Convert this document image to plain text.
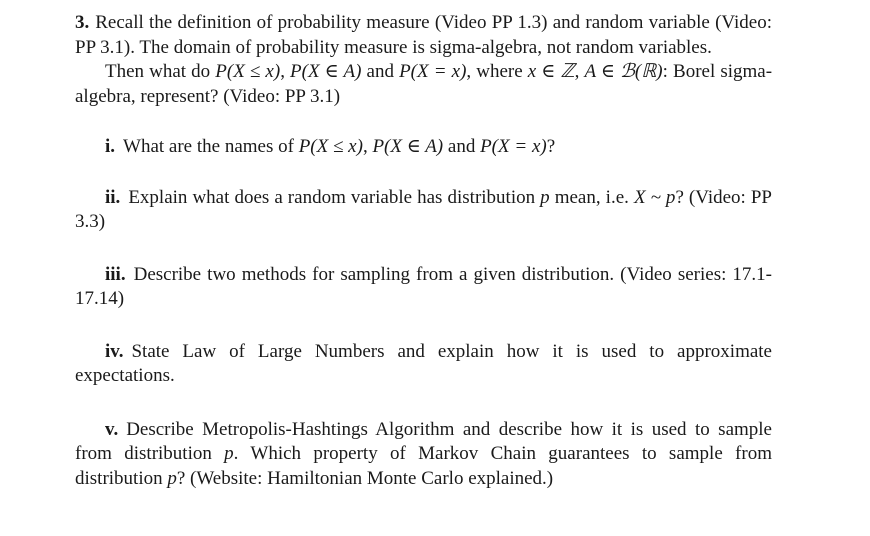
3. Recall the definition of probability measure (Video PP 1.3) and random variable (Video: PP 3.1). The domain of probability measure is sigma-algebra, not random variables.

Then what do P(X ≤ x), P(X ∈ A) and P(X = x), where x ∈ ℤ, A ∈ ℬ(ℝ): Borel sigma- algebra, represent? (Video: PP 3.1)

i. What are the names of P(X ≤ x), P(X ∈ A) and P(X = x)?

ii. Explain what does a random variable has distribution p mean, i.e. X ~ p? (Video: PP 3.3)

iii. Describe two methods for sampling from a given distribution. (Video series: 17.1- 17.14)

iv. State Law of Large Numbers and explain how it is used to approximate expectations.

v. Describe Metropolis-Hashtings Algorithm and describe how it is used to sample from distribution p. Which property of Markov Chain guarantees to sample from distribution p? (Website: Hamiltonian Monte Carlo explained.)
